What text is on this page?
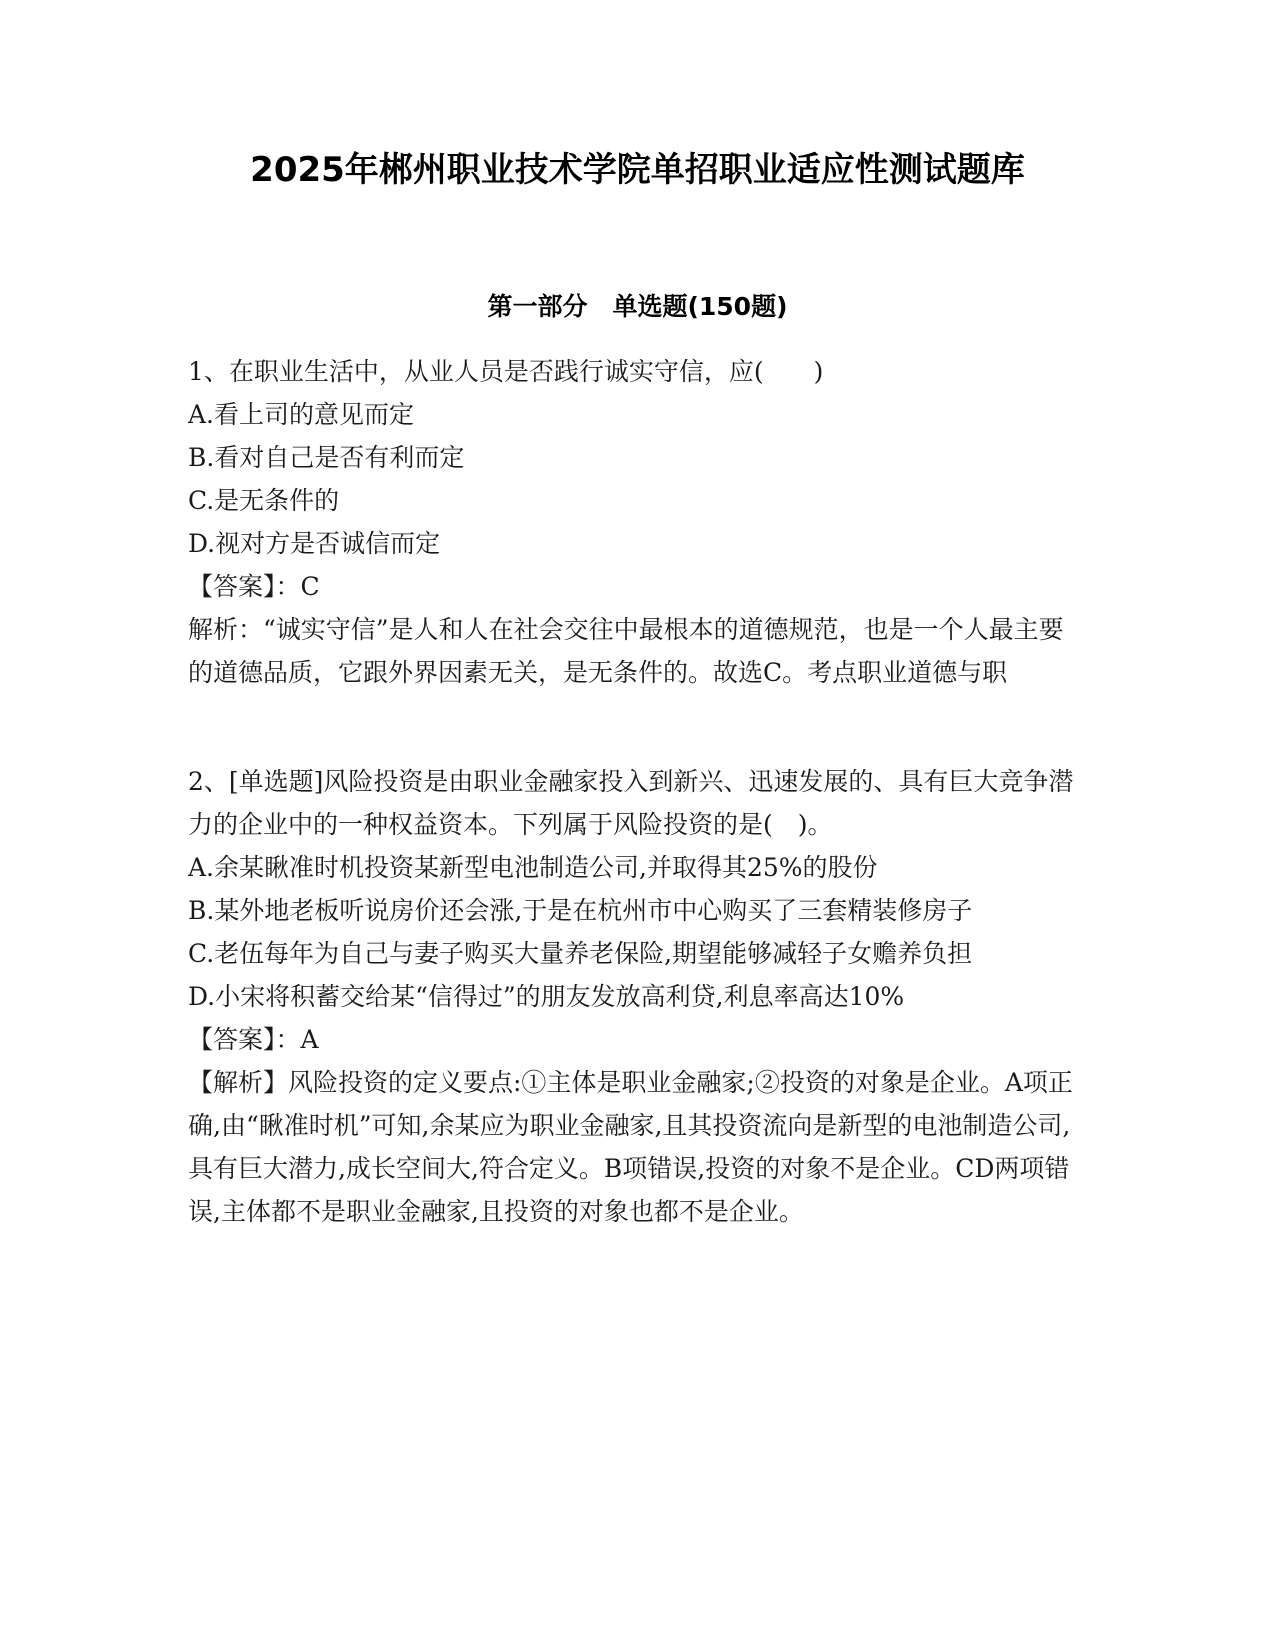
2025年郴州职业技术学院单招职业适应性测试题库
第一部分　单选题(150题)

1、在职业生活中，从业人员是否践行诚实守信，应(　　)

A.看上司的意见而定

B.看对自己是否有利而定

C.是无条件的

D.视对方是否诚信而定

【答案】：C

解析：“诚实守信”是人和人在社会交往中最根本的道德规范，也是一个人最主要的道德品质，它跟外界因素无关，是无条件的。故选C。考点职业道德与职

2、[单选题]风险投资是由职业金融家投入到新兴、迅速发展的、具有巨大竞争潜力的企业中的一种权益资本。下列属于风险投资的是(　)。

A.余某瞅准时机投资某新型电池制造公司,并取得其25%的股份

B.某外地老板听说房价还会涨,于是在杭州市中心购买了三套精装修房子

C.老伍每年为自己与妻子购买大量养老保险,期望能够减轻子女赡养负担

D.小宋将积蓄交给某“信得过”的朋友发放高利贷,利息率高达10%

【答案】：A

【解析】风险投资的定义要点:①主体是职业金融家;②投资的对象是企业。A项正确,由“瞅准时机”可知,余某应为职业金融家,且其投资流向是新型的电池制造公司,具有巨大潜力,成长空间大,符合定义。B项错误,投资的对象不是企业。CD两项错误,主体都不是职业金融家,且投资的对象也都不是企业。
